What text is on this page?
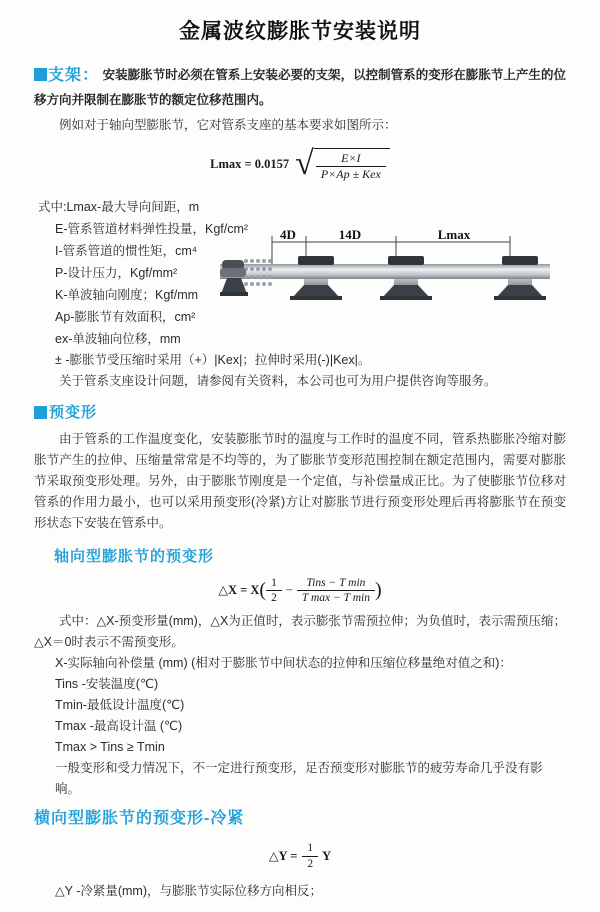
金属波纹膨胀节安装说明
支架： 安装膨胀节时必须在管系上安装必要的支架，以控制管系的变形在膨胀节上产生的位移方向并限制在膨胀节的额定位移范围内。
例如对于轴向型膨胀节，它对管系支座的基本要求如图所示：
Lmax = 0.0157 √ $\frac{E\times I}{\text{P×Ap ± Kex}}$
式中:Lmax-最大导向间距，m
E-管系管道材料弹性投量，Kgf/cm²
I-管系管道的惯性矩，cm⁴
P-设计压力，Kgf/mm²
K-单波轴向刚度；Kgf/mm
Ap-膨胀节有效面积，cm²
ex-单波轴向位移，mm
4D	14D	Lmax
± -膨胀节受压缩时采用（+）|Kex|；拉伸时采用(-)|Kex|。
关于管系支座设计问题，请参阅有关资料，本公司也可为用户提供咨询等服务。
预变形
由于管系的工作温度变化，安装膨胀节时的温度与工作时的温度不同，管系热膨胀冷缩对膨胀节产生的拉伸、压缩量常常是不均等的，为了膨胀节变形范围控制在额定范围内，需要对膨胀节采取预变形处理。另外，由于膨胀节刚度是一个定值，与补偿量成正比。为了使膨胀节位移对管系的作用力最小，也可以采用预变形(冷紧)方让对膨胀节进行预变形处理后再将膨胀节在预变形状态下安装在管系中。
轴向型膨胀节的预变形
△X = X ( $\frac{1}{2} - \frac{\text{Tins − T min}}{\text{T max − T min}}$ )
式中：△X-预变形量(mm)，△X为正值时，表示膨张节需预拉伸；为负值时，表示需预压缩；△X＝0时表示不需预变形。
X-实际轴向补偿量 (mm) (相对于膨胀节中间状态的拉伸和压缩位移量绝对值之和)：
Tins -安装温度(℃)
Tmin-最低设计温度(℃)
Tmax -最高设计温 (℃)
Tmax > Tins ≥ Tmin
一般变形和受力情况下，不一定进行预变形，足否预变形对膨胀节的疲劳寿命几乎没有影响。
横向型膨胀节的预变形-冷紧
△Y = $\frac{1}{2}$ Y
△Y -冷紧量(mm)，与膨胀节实际位移方向相反；
